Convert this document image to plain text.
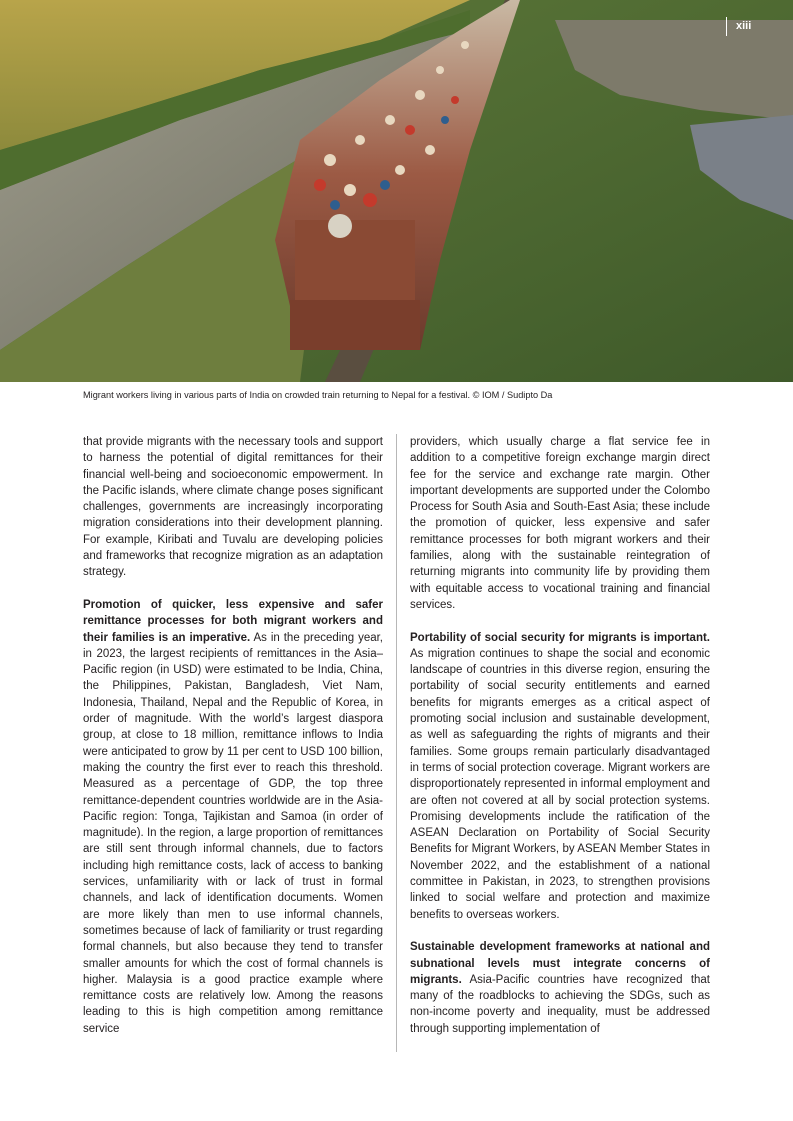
xiii
Migrant workers living in various parts of India on crowded train returning to Nepal for a festival. © IOM / Sudipto Da

that provide migrants with the necessary tools and support to harness the potential of digital remittances for their financial well-being and socioeconomic empowerment. In the Pacific islands, where climate change poses significant challenges, governments are increasingly incorporating migration considerations into their development planning. For example, Kiribati and Tuvalu are developing policies and frameworks that recognize migration as an adaptation strategy.

Promotion of quicker, less expensive and safer remittance processes for both migrant workers and their families is an imperative. As in the preceding year, in 2023, the largest recipients of remittances in the Asia–Pacific region (in USD) were estimated to be India, China, the Philippines, Pakistan, Bangladesh, Viet Nam, Indonesia, Thailand, Nepal and the Republic of Korea, in order of magnitude. With the world’s largest diaspora group, at close to 18 million, remittance inflows to India were anticipated to grow by 11 per cent to USD 100 billion, making the country the first ever to reach this threshold. Measured as a percentage of GDP, the top three remittance-dependent countries worldwide are in the Asia-Pacific region: Tonga, Tajikistan and Samoa (in order of magnitude). In the region, a large proportion of remittances are still sent through informal channels, due to factors including high remittance costs, lack of access to banking services, unfamiliarity with or lack of trust in formal channels, and lack of identification documents. Women are more likely than men to use informal channels, sometimes because of lack of familiarity or trust regarding formal channels, but also because they tend to transfer smaller amounts for which the cost of formal channels is higher. Malaysia is a good practice example where remittance costs are relatively low. Among the reasons leading to this is high competition among remittance service

providers, which usually charge a flat service fee in addition to a competitive foreign exchange margin direct fee for the service and exchange rate margin. Other important developments are supported under the Colombo Process for South Asia and South-East Asia; these include the promotion of quicker, less expensive and safer remittance processes for both migrant workers and their families, along with the sustainable reintegration of returning migrants into community life by providing them with equitable access to vocational training and financial services.

Portability of social security for migrants is important. As migration continues to shape the social and economic landscape of countries in this diverse region, ensuring the portability of social security entitlements and earned benefits for migrants emerges as a critical aspect of promoting social inclusion and sustainable development, as well as safeguarding the rights of migrants and their families. Some groups remain particularly disadvantaged in terms of social protection coverage. Migrant workers are disproportionately represented in informal employment and are often not covered at all by social protection systems. Promising developments include the ratification of the ASEAN Declaration on Portability of Social Security Benefits for Migrant Workers, by ASEAN Member States in November 2022, and the establishment of a national committee in Pakistan, in 2023, to strengthen provisions linked to social welfare and protection and maximize benefits to overseas workers.

Sustainable development frameworks at national and subnational levels must integrate concerns of migrants. Asia-Pacific countries have recognized that many of the roadblocks to achieving the SDGs, such as non-income poverty and inequality, must be addressed through supporting implementation of
